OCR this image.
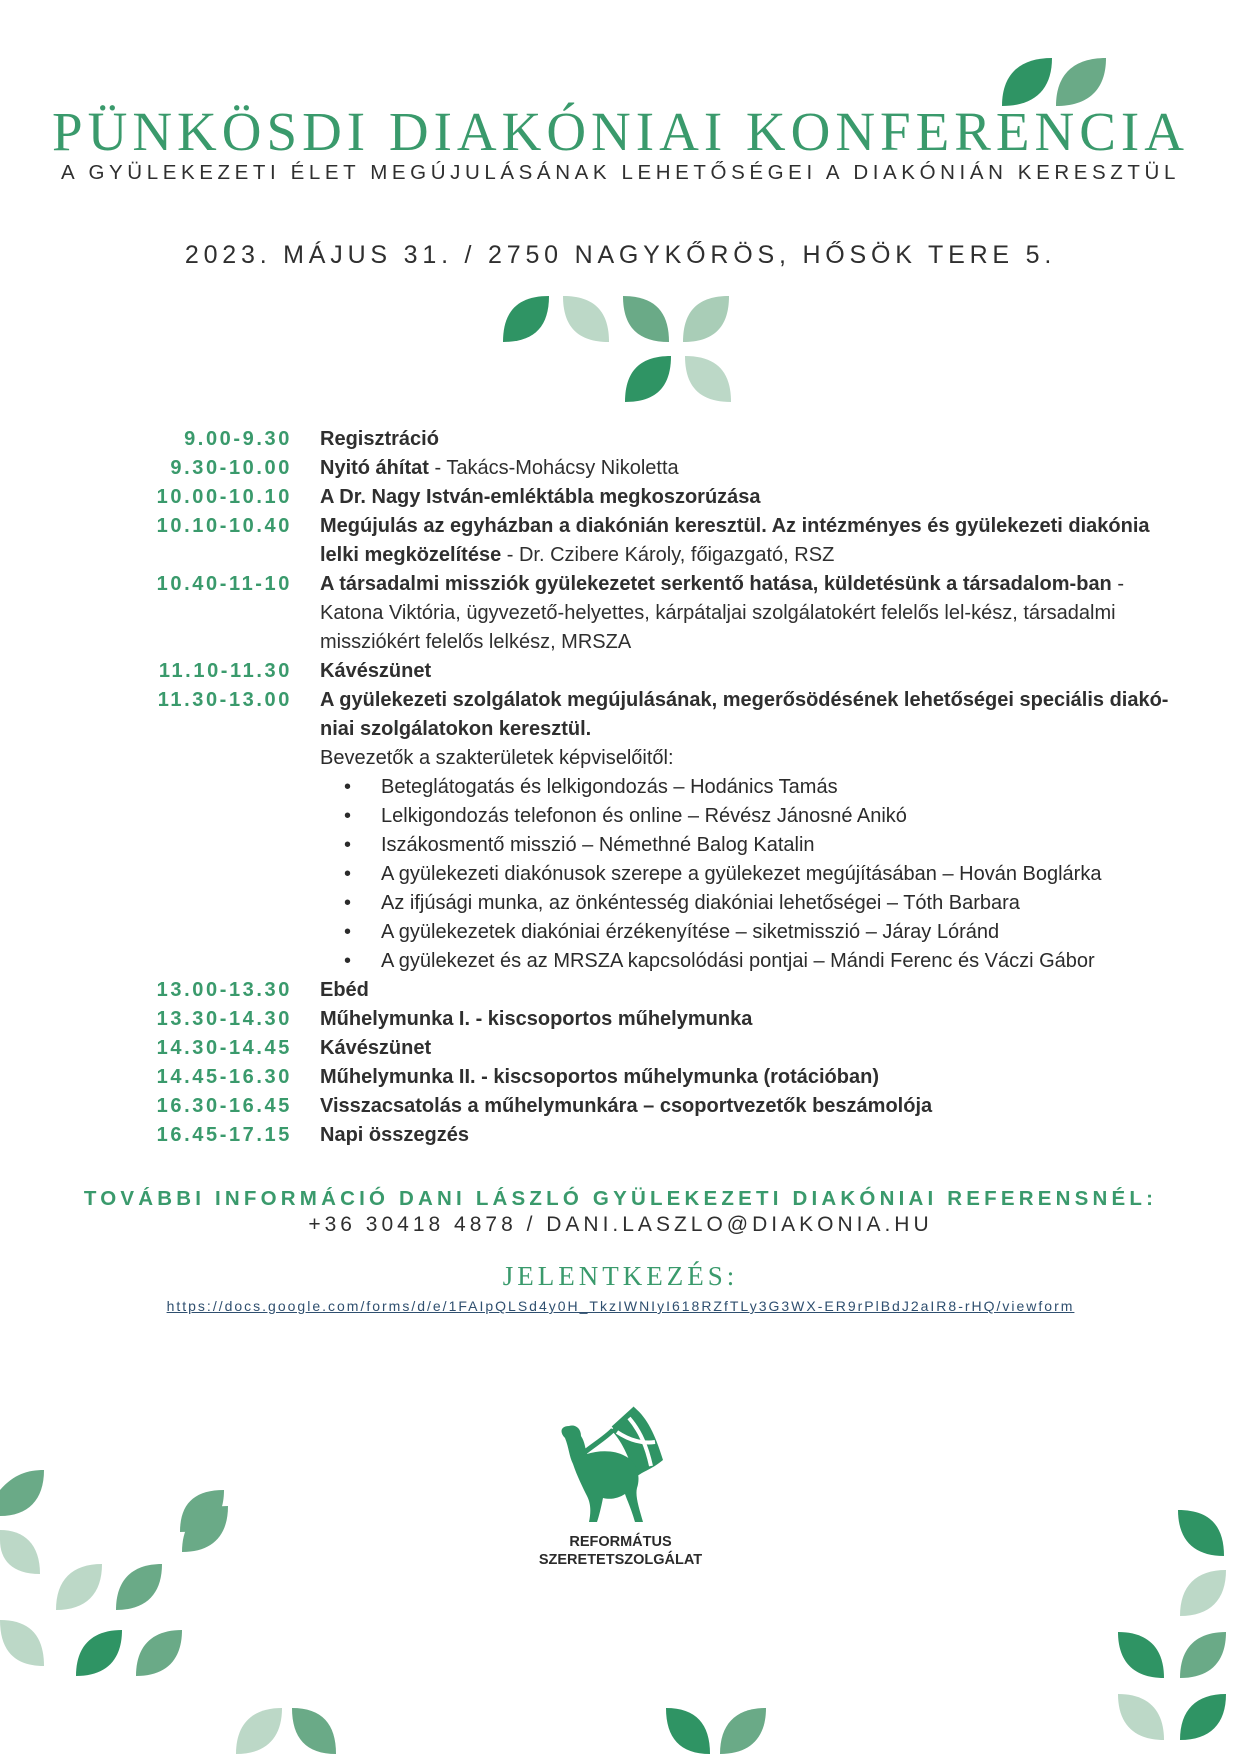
PÜNKÖSDI DIAKÓNIAI KONFERENCIA
A GYÜLEKEZETI ÉLET MEGÚJULÁSÁNAK LEHETŐSÉGEI A DIAKÓNIÁN KERESZTÜL
2023. MÁJUS 31. / 2750 NAGYKŐRÖS, HŐSÖK TERE 5.
9.00-9.30	Regisztráció
9.30-10.00	Nyitó áhítat - Takács-Mohácsy Nikoletta
10.00-10.10	A Dr. Nagy István-emléktábla megkoszorúzása
10.10-10.40	Megújulás az egyházban a diakónián keresztül. Az intézményes és gyülekezeti diakónia lelki megközelítése - Dr. Czibere Károly, főigazgató, RSZ
10.40-11-10	A társadalmi missziók gyülekezetet serkentő hatása, küldetésünk a társadalom-ban - Katona Viktória, ügyvezető-helyettes, kárpátaljai szolgálatokért felelős lel-kész, társadalmi missziókért felelős lelkész, MRSZA
11.10-11.30	Kávészünet
11.30-13.00	A gyülekezeti szolgálatok megújulásának, megerősödésének lehetőségei speciális diakó-niai szolgálatokon keresztül.
Bevezetők a szakterületek képviselőitől:
•	Beteglátogatás és lelkigondozás – Hodánics Tamás
•	Lelkigondozás telefonon és online – Révész Jánosné Anikó
•	Iszákosmentő misszió – Némethné Balog Katalin
•	A gyülekezeti diakónusok szerepe a gyülekezet megújításában – Hován Boglárka
•	Az ifjúsági munka, az önkéntesség diakóniai lehetőségei – Tóth Barbara
•	A gyülekezetek diakóniai érzékenyítése – siketmisszió – Járay Lóránd
•	A gyülekezet és az MRSZA kapcsolódási pontjai – Mándi Ferenc és Váczi Gábor
13.00-13.30	Ebéd
13.30-14.30	Műhelymunka I. - kiscsoportos műhelymunka
14.30-14.45	Kávészünet
14.45-16.30	Műhelymunka II. - kiscsoportos műhelymunka (rotációban)
16.30-16.45	Visszacsatolás a műhelymunkára – csoportvezetők beszámolója
16.45-17.15	Napi összegzés
TOVÁBBI INFORMÁCIÓ DANI LÁSZLÓ GYÜLEKEZETI DIAKÓNIAI REFERENSNÉL:
+36 30418 4878 / DANI.LASZLO@DIAKONIA.HU
JELENTKEZÉS:
https://docs.google.com/forms/d/e/1FAIpQLSd4y0H_TkzIWNIyI618RZfTLy3G3WX-ER9rPlBdJ2aIR8-rHQ/viewform
REFORMÁTUS
SZERETETSZOLGÁLAT
